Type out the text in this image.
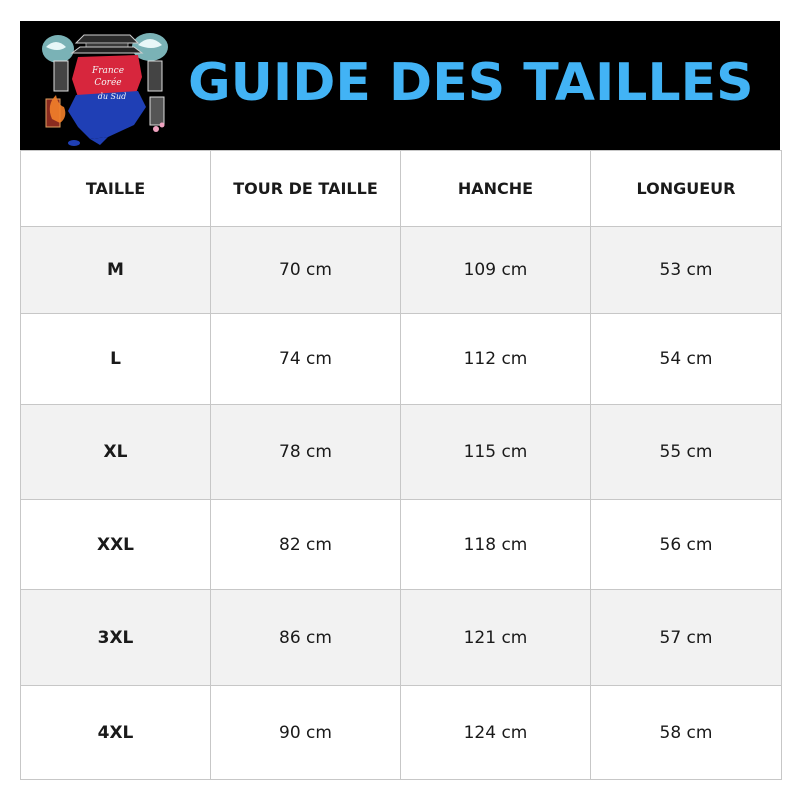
France
Corée
du Sud GUIDE DES TAILLES
TAILLE	TOUR DE TAILLE	HANCHE	LONGUEUR
M	70 cm	109 cm	53 cm
L	74 cm	112 cm	54 cm
XL	78 cm	115 cm	55 cm
XXL	82 cm	118 cm	56 cm
3XL	86 cm	121 cm	57 cm
4XL	90 cm	124 cm	58 cm
